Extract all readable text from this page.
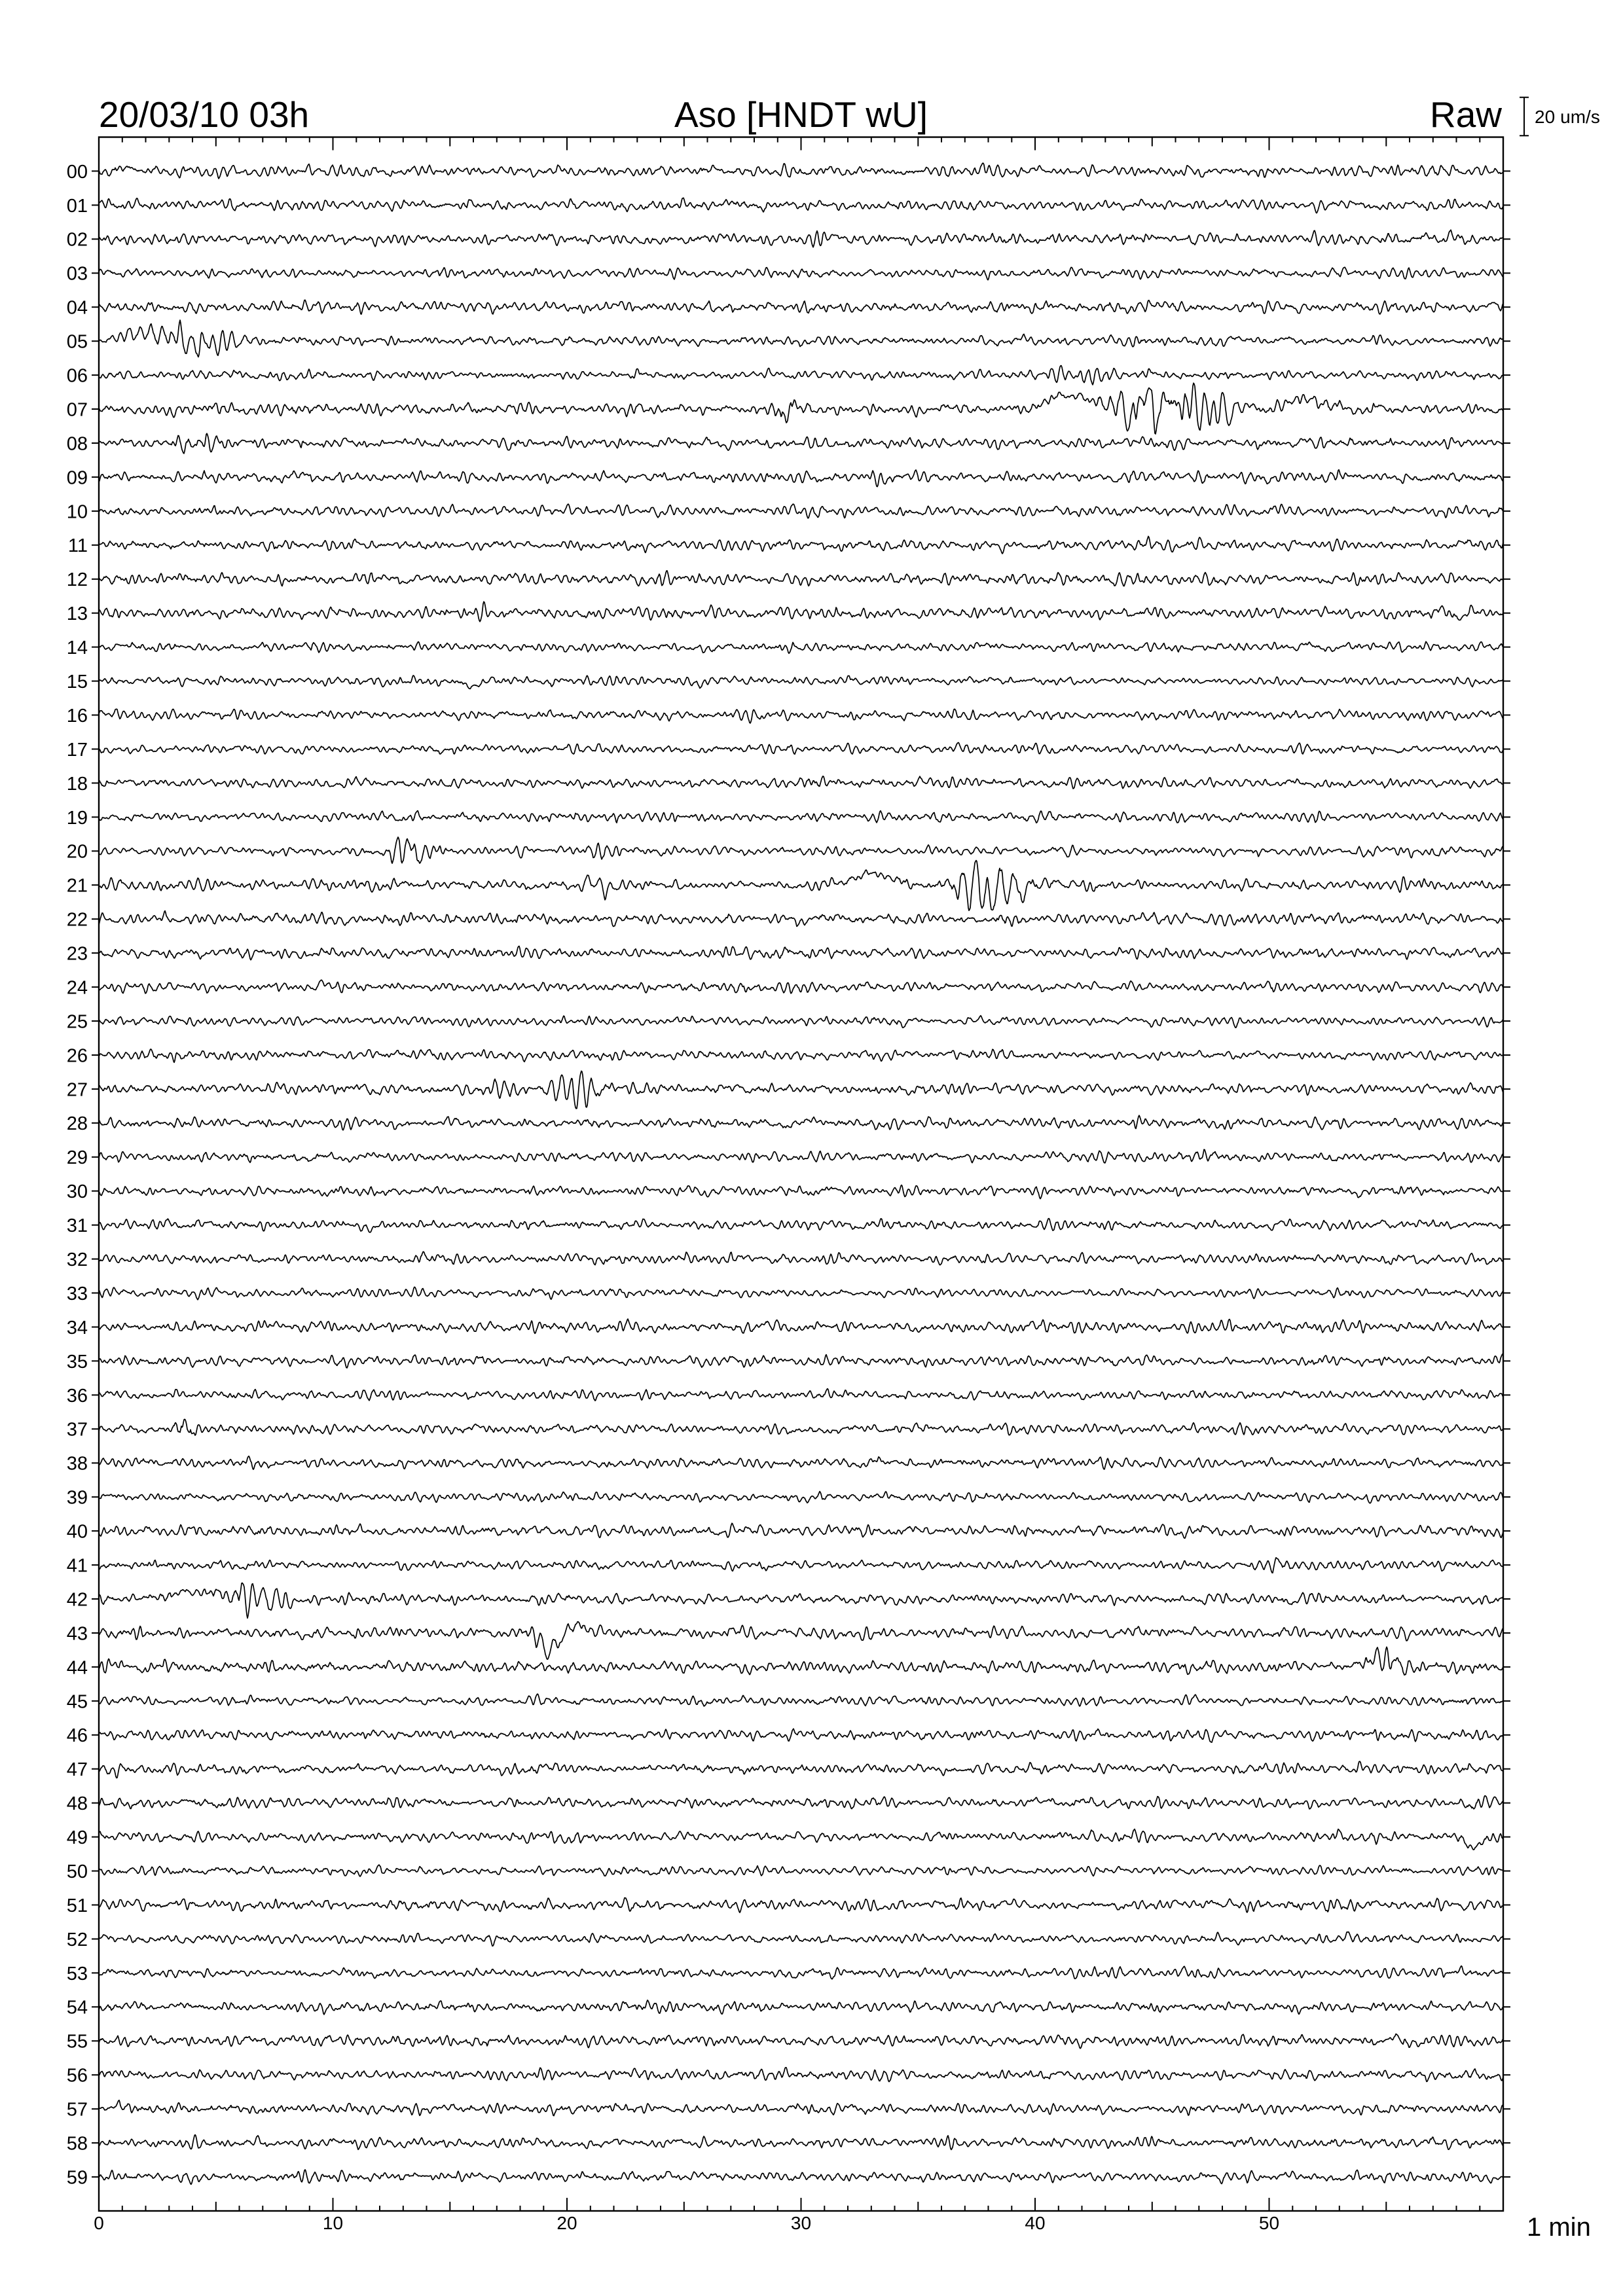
20/03/10 03h	Aso [HNDT wU]	Raw 20 um/s
0	10	20	30	40	50
00
01
02
03
04
05
06
07
08
09
10
11
12
13
14
15
16
17
18
19
20
21
22
23
24
25
26
27
28
29
30
31
32
33
34
35
36
37
38
39
40
41
42
43
44
45
46
47
48
49
50
51
52
53
54
55
56
57
58
59
1 min
